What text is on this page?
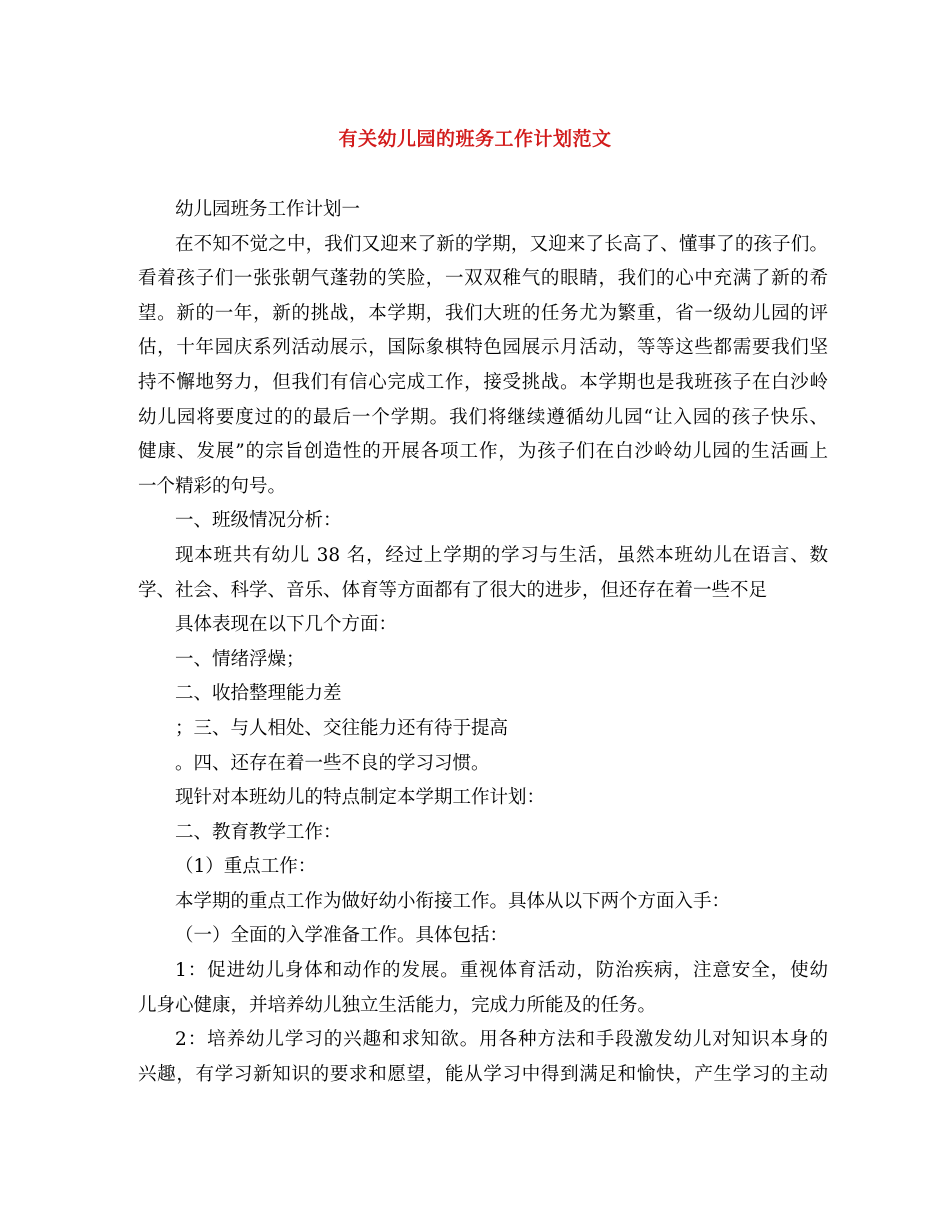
有关幼儿园的班务工作计划范文
幼儿园班务工作计划一
在不知不觉之中，我们又迎来了新的学期，又迎来了长高了、懂事了的孩子们。
看着孩子们一张张朝气蓬勃的笑脸，一双双稚气的眼睛，我们的心中充满了新的希
望。新的一年，新的挑战，本学期，我们大班的任务尤为繁重，省一级幼儿园的评
估，十年园庆系列活动展示，国际象棋特色园展示月活动，等等这些都需要我们坚
持不懈地努力，但我们有信心完成工作，接受挑战。本学期也是我班孩子在白沙岭
幼儿园将要度过的的最后一个学期。我们将继续遵循幼儿园“让入园的孩子快乐、
健康、发展”的宗旨创造性的开展各项工作，为孩子们在白沙岭幼儿园的生活画上
一个精彩的句号。
一、班级情况分析：
现本班共有幼儿 38 名，经过上学期的学习与生活，虽然本班幼儿在语言、数
学、社会、科学、音乐、体育等方面都有了很大的进步，但还存在着一些不足
具体表现在以下几个方面：
一、情绪浮燥；
二、收拾整理能力差
；三、与人相处、交往能力还有待于提高
。四、还存在着一些不良的学习习惯。
现针对本班幼儿的特点制定本学期工作计划：
二、教育教学工作：
（1）重点工作：
本学期的重点工作为做好幼小衔接工作。具体从以下两个方面入手：
（一）全面的入学准备工作。具体包括：
1：促进幼儿身体和动作的发展。重视体育活动，防治疾病，注意安全，使幼
儿身心健康，并培养幼儿独立生活能力，完成力所能及的任务。
2：培养幼儿学习的兴趣和求知欲。用各种方法和手段激发幼儿对知识本身的
兴趣，有学习新知识的要求和愿望，能从学习中得到满足和愉快，产生学习的主动
